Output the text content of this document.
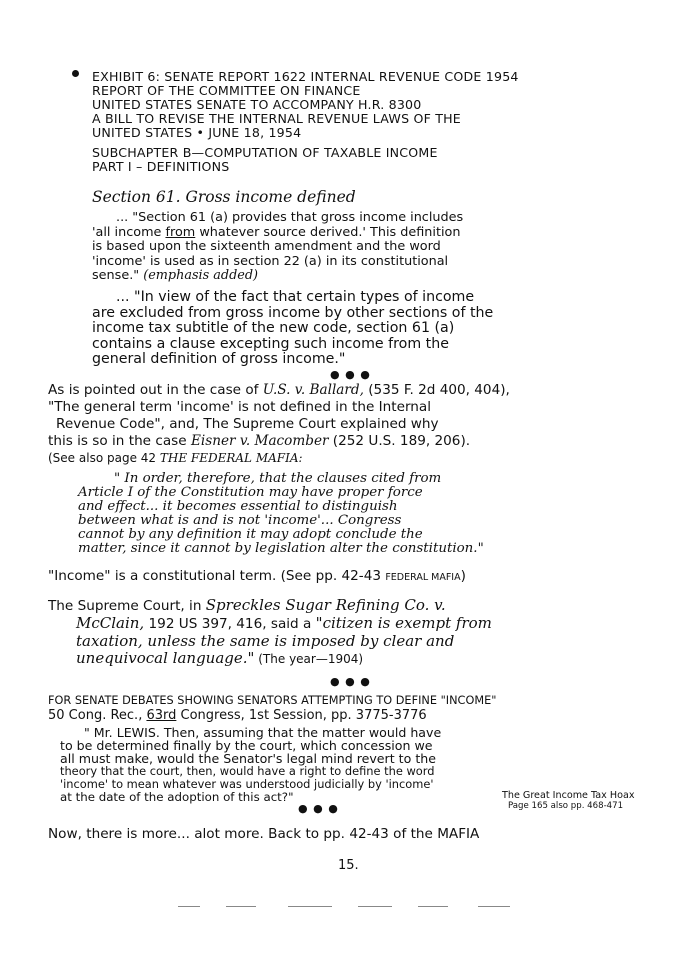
EXHIBIT 6: SENATE REPORT 1622 INTERNAL REVENUE CODE 1954
REPORT OF THE COMMITTEE ON FINANCE
UNITED STATES SENATE TO ACCOMPANY H.R. 8300
A BILL TO REVISE THE INTERNAL REVENUE LAWS OF THE
UNITED STATES • JUNE 18, 1954
SUBCHAPTER B—COMPUTATION OF TAXABLE INCOME
PART I – DEFINITIONS
Section 61. Gross income defined
... "Section 61 (a) provides that gross income includes
'all income from whatever source derived.' This definition
is based upon the sixteenth amendment and the word
'income' is used as in section 22 (a) in its constitutional
sense." (emphasis added)
... "In view of the fact that certain types of income
are excluded from gross income by other sections of the
income tax subtitle of the new code, section 61 (a)
contains a clause excepting such income from the
general definition of gross income."
● ● ●
As is pointed out in the case of U.S. v. Ballard, (535 F. 2d 400, 404),
"The general term 'income' is not defined in the Internal
Revenue Code", and, The Supreme Court explained why
this is so in the case Eisner v. Macomber (252 U.S. 189, 206).
(See also page 42 THE FEDERAL MAFIA:
" In order, therefore, that the clauses cited from
Article I of the Constitution may have proper force
and effect... it becomes essential to distinguish
between what is and is not 'income'... Congress
cannot by any definition it may adopt conclude the
matter, since it cannot by legislation alter the constitution."
"Income" is a constitutional term. (See pp. 42-43 FEDERAL MAFIA)
The Supreme Court, in Spreckles Sugar Refining Co. v.
McClain, 192 US 397, 416, said a "citizen is exempt from
taxation, unless the same is imposed by clear and
unequivocal language." (The year—1904)
● ● ●
FOR SENATE DEBATES SHOWING SENATORS ATTEMPTING TO DEFINE "INCOME"
50 Cong. Rec., 63rd Congress, 1st Session, pp. 3775-3776
" Mr. LEWIS. Then, assuming that the matter would have
to be determined finally by the court, which concession we
all must make, would the Senator's legal mind revert to the
theory that the court, then, would have a right to define the word
'income' to mean whatever was understood judicially by 'income'
at the date of the adoption of this act?"	The Great Income Tax Hoax
Page 165 also pp. 468-471
● ● ●
Now, there is more... alot more. Back to pp. 42-43 of the MAFIA
15.
